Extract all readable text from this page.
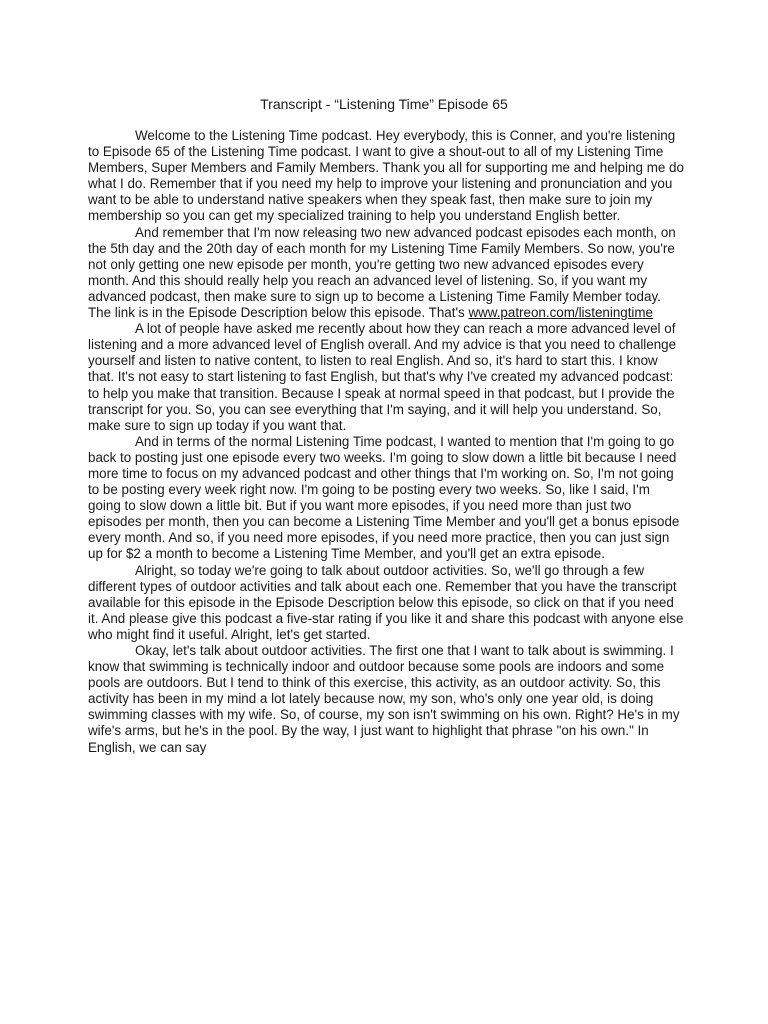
Transcript - “Listening Time” Episode 65

Welcome to the Listening Time podcast. Hey everybody, this is Conner, and you're listening to Episode 65 of the Listening Time podcast. I want to give a shout-out to all of my Listening Time Members, Super Members and Family Members. Thank you all for supporting me and helping me do what I do. Remember that if you need my help to improve your listening and pronunciation and you want to be able to understand native speakers when they speak fast, then make sure to join my membership so you can get my specialized training to help you understand English better.

And remember that I'm now releasing two new advanced podcast episodes each month, on the 5th day and the 20th day of each month for my Listening Time Family Members. So now, you're not only getting one new episode per month, you're getting two new advanced episodes every month. And this should really help you reach an advanced level of listening. So, if you want my advanced podcast, then make sure to sign up to become a Listening Time Family Member today. The link is in the Episode Description below this episode. That's www.patreon.com/listeningtime

A lot of people have asked me recently about how they can reach a more advanced level of listening and a more advanced level of English overall. And my advice is that you need to challenge yourself and listen to native content, to listen to real English. And so, it's hard to start this. I know that. It's not easy to start listening to fast English, but that's why I've created my advanced podcast: to help you make that transition. Because I speak at normal speed in that podcast, but I provide the transcript for you. So, you can see everything that I'm saying, and it will help you understand. So, make sure to sign up today if you want that.

And in terms of the normal Listening Time podcast, I wanted to mention that I'm going to go back to posting just one episode every two weeks. I'm going to slow down a little bit because I need more time to focus on my advanced podcast and other things that I'm working on. So, I'm not going to be posting every week right now. I'm going to be posting every two weeks. So, like I said, I'm going to slow down a little bit. But if you want more episodes, if you need more than just two episodes per month, then you can become a Listening Time Member and you'll get a bonus episode every month. And so, if you need more episodes, if you need more practice, then you can just sign up for $2 a month to become a Listening Time Member, and you'll get an extra episode.

Alright, so today we're going to talk about outdoor activities. So, we'll go through a few different types of outdoor activities and talk about each one. Remember that you have the transcript available for this episode in the Episode Description below this episode, so click on that if you need it. And please give this podcast a five-star rating if you like it and share this podcast with anyone else who might find it useful. Alright, let's get started.

Okay, let's talk about outdoor activities. The first one that I want to talk about is swimming. I know that swimming is technically indoor and outdoor because some pools are indoors and some pools are outdoors. But I tend to think of this exercise, this activity, as an outdoor activity. So, this activity has been in my mind a lot lately because now, my son, who's only one year old, is doing swimming classes with my wife. So, of course, my son isn't swimming on his own. Right? He's in my wife's arms, but he's in the pool. By the way, I just want to highlight that phrase "on his own." In English, we can say
